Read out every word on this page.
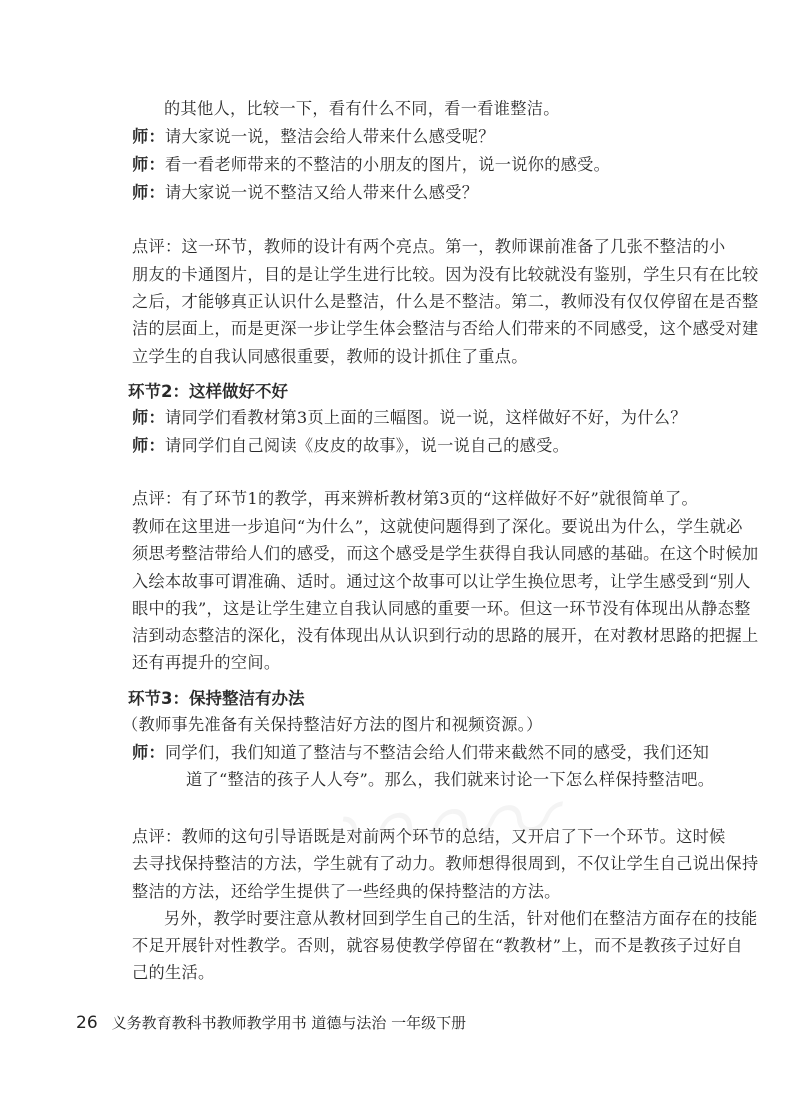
的其他人，比较一下，看有什么不同，看一看谁整洁。
师：请大家说一说，整洁会给人带来什么感受呢？
师：看一看老师带来的不整洁的小朋友的图片，说一说你的感受。
师：请大家说一说不整洁又给人带来什么感受？
点评：这一环节，教师的设计有两个亮点。第一，教师课前准备了几张不整洁的小
朋友的卡通图片，目的是让学生进行比较。因为没有比较就没有鉴别，学生只有在比较
之后，才能够真正认识什么是整洁，什么是不整洁。第二，教师没有仅仅停留在是否整
洁的层面上，而是更深一步让学生体会整洁与否给人们带来的不同感受，这个感受对建
立学生的自我认同感很重要，教师的设计抓住了重点。
环节2：这样做好不好
师：请同学们看教材第3页上面的三幅图。说一说，这样做好不好，为什么？
师：请同学们自己阅读《皮皮的故事》，说一说自己的感受。
点评：有了环节1的教学，再来辨析教材第3页的“这样做好不好”就很简单了。
教师在这里进一步追问“为什么”，这就使问题得到了深化。要说出为什么，学生就必
须思考整洁带给人们的感受，而这个感受是学生获得自我认同感的基础。在这个时候加
入绘本故事可谓准确、适时。通过这个故事可以让学生换位思考，让学生感受到“别人
眼中的我”，这是让学生建立自我认同感的重要一环。但这一环节没有体现出从静态整
洁到动态整洁的深化，没有体现出从认识到行动的思路的展开，在对教材思路的把握上
还有再提升的空间。
环节3：保持整洁有办法
（教师事先准备有关保持整洁好方法的图片和视频资源。）
师：同学们，我们知道了整洁与不整洁会给人们带来截然不同的感受，我们还知
道了“整洁的孩子人人夸”。那么，我们就来讨论一下怎么样保持整洁吧。
点评：教师的这句引导语既是对前两个环节的总结，又开启了下一个环节。这时候
去寻找保持整洁的方法，学生就有了动力。教师想得很周到，不仅让学生自己说出保持
整洁的方法，还给学生提供了一些经典的保持整洁的方法。
另外，教学时要注意从教材回到学生自己的生活，针对他们在整洁方面存在的技能
不足开展针对性教学。否则，就容易使教学停留在“教教材”上，而不是教孩子过好自
己的生活。
26 义务教育教科书教师教学用书 道德与法治 一年级下册
